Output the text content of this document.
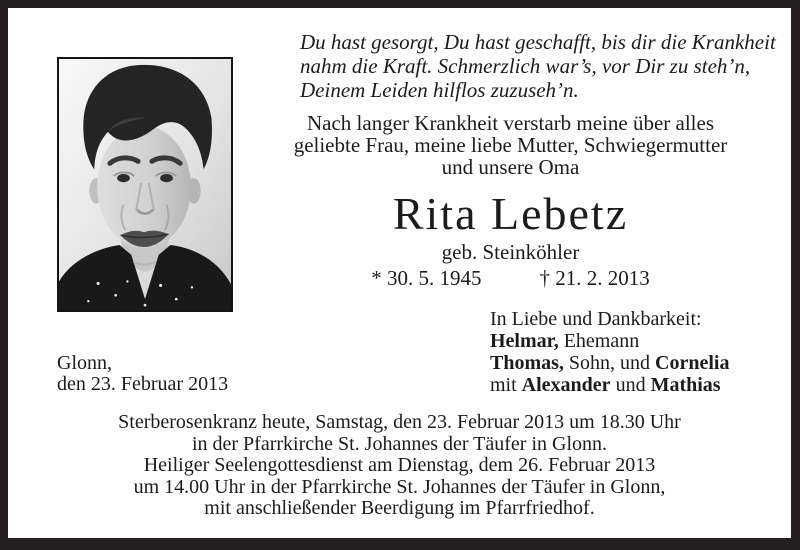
Du hast gesorgt, Du hast geschafft, bis dir die Krankheit
nahm die Kraft. Schmerzlich war’s, vor Dir zu steh’n,
Deinem Leiden hilflos zuzuseh’n.
Nach langer Krankheit verstarb meine über alles
geliebte Frau, meine liebe Mutter, Schwiegermutter
und unsere Oma
Rita Lebetz
geb. Steinköhler
* 30. 5. 1945	† 21. 2. 2013
In Liebe und Dankbarkeit:
Helmar, Ehemann
Thomas, Sohn, und Cornelia
mit Alexander und Mathias
Glonn,
den 23. Februar 2013
Sterberosenkranz heute, Samstag, den 23. Februar 2013 um 18.30 Uhr
in der Pfarrkirche St. Johannes der Täufer in Glonn.
Heiliger Seelengottesdienst am Dienstag, dem 26. Februar 2013
um 14.00 Uhr in der Pfarrkirche St. Johannes der Täufer in Glonn,
mit anschließender Beerdigung im Pfarrfriedhof.
